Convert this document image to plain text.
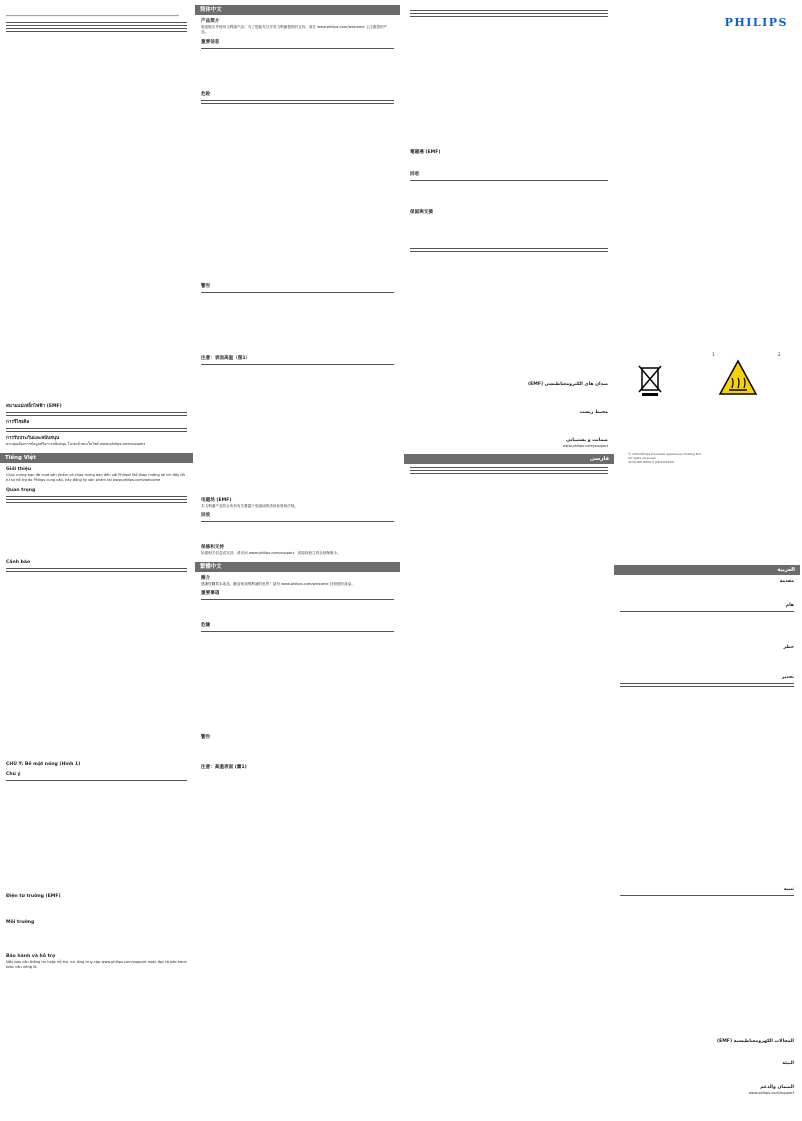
PHILIPS
━━━━━━━━━━━━━━━━━━━━━━━━━━━━━━━━━━━━━━━━━━━━━━━━━━━━━━━━━━━━━━━━━━━━━━━━━━━━━━━━
สนามแม่เหล็กไฟฟ้า (EMF)
การรีไซเคิล
การรับประกันและสนับสนุน
หากคุณต้องการข้อมูลหรือการสนับสนุน โปรดเข้าชมเว็บไซต์ www.philips.com/support
Tiếng Việt
Giới thiệu
Chúc mừng bạn đã mua sản phẩm và chào mừng bạn đến với Philips! Để được hưởng lợi ích đầy đủ từ sự hỗ trợ do Philips cung cấp, hãy đăng ký sản phẩm tại www.philips.com/welcome
Quan trọng
Cảnh báo
CHÚ Ý: Bề mặt nóng (Hình 1)
Chú ý
Điện từ trường (EMF)
Môi trường
Bảo hành và hỗ trợ
Nếu bạn cần thông tin hoặc hỗ trợ, vui lòng truy cập www.philips.com/support hoặc đọc tờ bảo hành toàn cầu riêng lẻ.
简体中文
产品简介
欢迎购买并使用飞利浦产品！为了您能充分享受飞利浦提供的支持，请在 www.philips.com/welcome 上注册您的产品。
重要信息
危险
警告
注意：表面高温（图1）
电磁场 (EMF)
本飞利浦产品符合所有有关暴露于电磁场的适用标准和法规。
回收
保修和支持
如需相关信息或支持，请访问 www.philips.com/support，或阅读独立的全球保修卡。
繁體中文
簡介
感謝您購買本產品，歡迎來到飛利浦的世界！請至 www.philips.com/welcome 註冊您的產品。
重要事項
危險
警告
注意：高溫表面 (圖1)
電磁場 (EMF)
回收
保固與支援
میدان های الکترومغناطیسی (EMF)
محیط زیست
ضمانت و پشتیبانی
www.philips.com/support
فارسی
1	2
© 2020 Philips Domestic Appliances Holding B.V.
All rights reserved.
4239.000.8959.3 (28/10/2020)
العربية
مقدمة
هام
خطر
تحذير
تنبيه
المجالات الكهرومغناطيسية (EMF)
البيئة
الضمان والدعم
www.philips.com/support
